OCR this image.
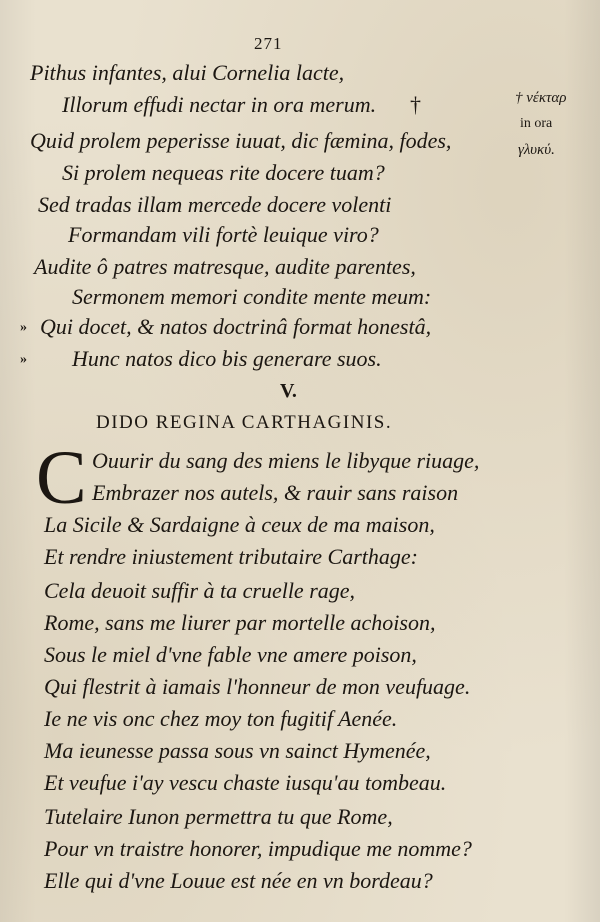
271
Pithus infantes, alui Cornelia lacte,
Illorum effudi nectar in ora merum. †
Quid prolem peperisse iuuat, dic fæmina, fodes,
Si prolem nequeas rite docere tuam?
Sed tradas illam mercede docere volenti
Formandam vili fortè leuique viro?
Audite ô patres matresque, audite parentes,
Sermonem memori condite mente meum:
» Qui docet, & natos doctrinâ format honestâ,
» Hunc natos dico bis generare suos.
† νέκταρ
in ora
γλυκύ.
V.
DIDO REGINA CARTHAGINIS.
C Ouurir du sang des miens le libyque riuage,
Embrazer nos autels, & rauir sans raison
La Sicile & Sardaigne à ceux de ma maison,
Et rendre iniustement tributaire Carthage:
Cela deuoit suffir à ta cruelle rage,
Rome, sans me liurer par mortelle achoison,
Sous le miel d'vne fable vne amere poison,
Qui flestrit à iamais l'honneur de mon veufuage.
Ie ne vis onc chez moy ton fugitif Aenée.
Ma ieunesse passa sous vn sainct Hymenée,
Et veufue i'ay vescu chaste iusqu'au tombeau.
Tutelaire Iunon permettra tu que Rome,
Pour vn traistre honorer, impudique me nomme?
Elle qui d'vne Louue est née en vn bordeau?
